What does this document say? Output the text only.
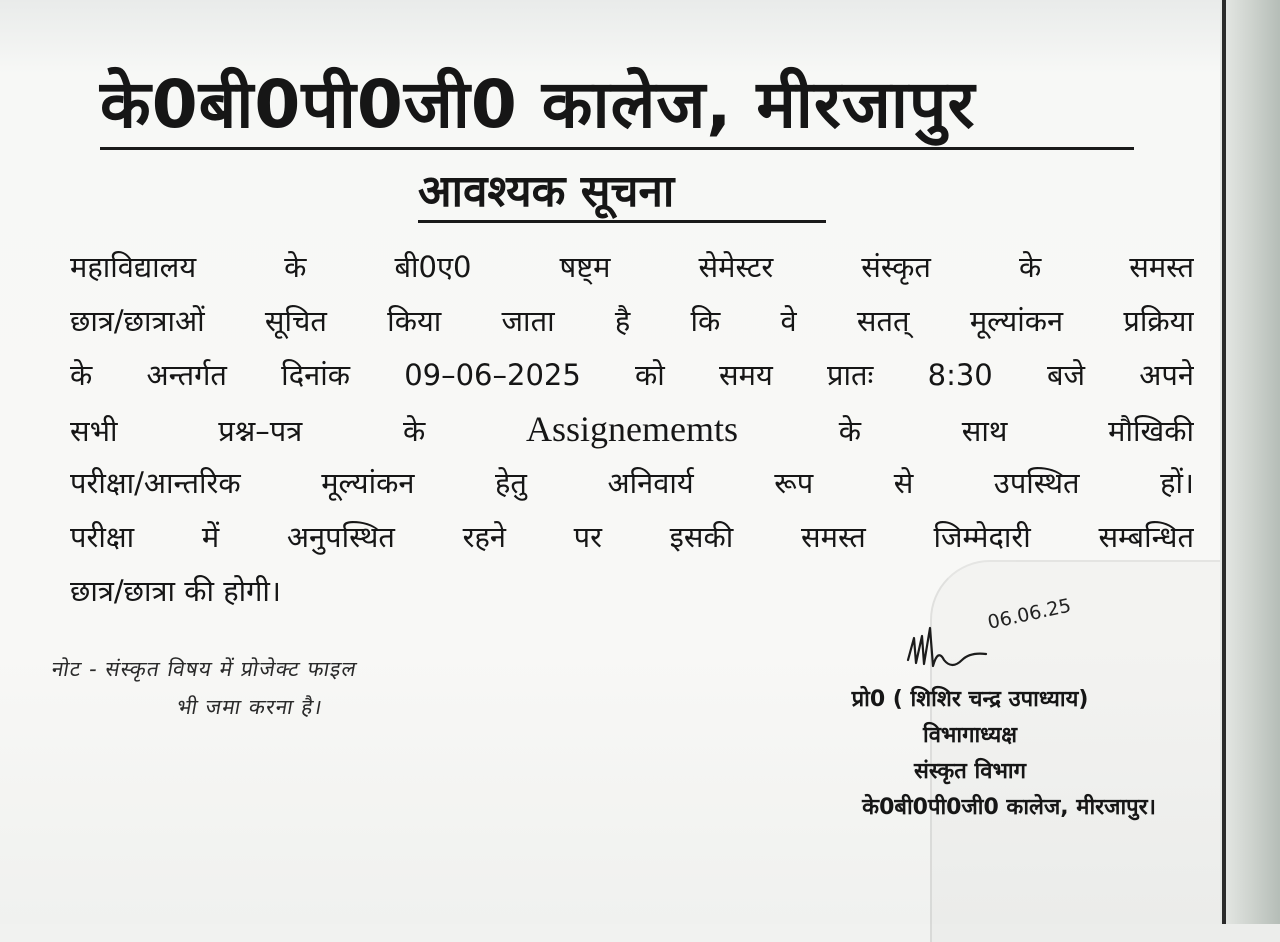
के0बी0पी0जी0 कालेज, मीरजापुर
आवश्यक सूचना
महाविद्यालय के बी0ए0 षष्ट्म सेमेस्टर संस्कृत के समस्त
छात्र/छात्राओं सूचित किया जाता है कि वे सतत् मूल्यांकन प्रक्रिया
के अन्तर्गत दिनांक 09–06–2025 को समय प्रातः 8:30 बजे अपने
सभी प्रश्न–पत्र के Assignememts	के साथ मौखिकी
परीक्षा/आन्तरिक मूल्यांकन हेतु अनिवार्य रूप से उपस्थित हों।
परीक्षा में अनुपस्थित रहने पर इसकी समस्त जिम्मेदारी सम्बन्धित
छात्र/छात्रा की होगी।
नोट - संस्कृत विषय में प्रोजेक्ट फाइल
भी जमा करना है।
06.06.25
प्रो0 ( शिशिर चन्द्र उपाध्याय)
विभागाध्यक्ष
संस्कृत विभाग
के0बी0पी0जी0 कालेज, मीरजापुर।
